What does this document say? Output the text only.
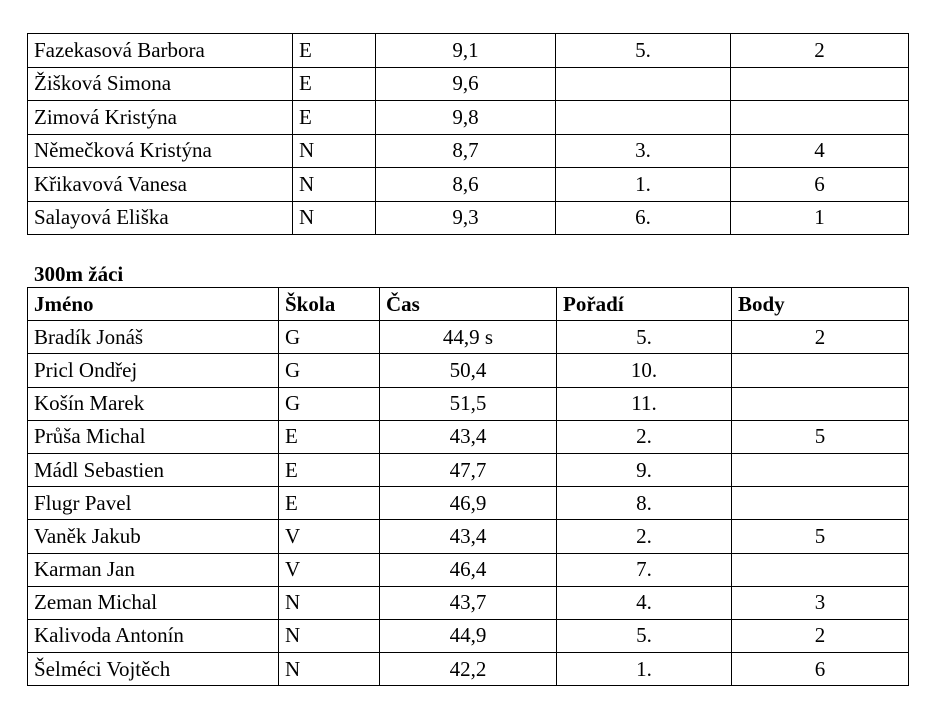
Fazekasová Barbora	E	9,1	5.	2
Žišková Simona	E	9,6		
Zimová Kristýna	E	9,8		
Němečková Kristýna	N	8,7	3.	4
Křikavová Vanesa	N	8,6	1.	6
Salayová Eliška	N	9,3	6.	1
300m žáci
Jméno	Škola	Čas	Pořadí	Body
Bradík Jonáš	G	44,9 s	5.	2
Pricl Ondřej	G	50,4	10.	
Košín Marek	G	51,5	11.	
Průša Michal	E	43,4	2.	5
Mádl Sebastien	E	47,7	9.	
Flugr Pavel	E	46,9	8.	
Vaněk Jakub	V	43,4	2.	5
Karman Jan	V	46,4	7.	
Zeman Michal	N	43,7	4.	3
Kalivoda Antonín	N	44,9	5.	2
Šelméci Vojtěch	N	42,2	1.	6
